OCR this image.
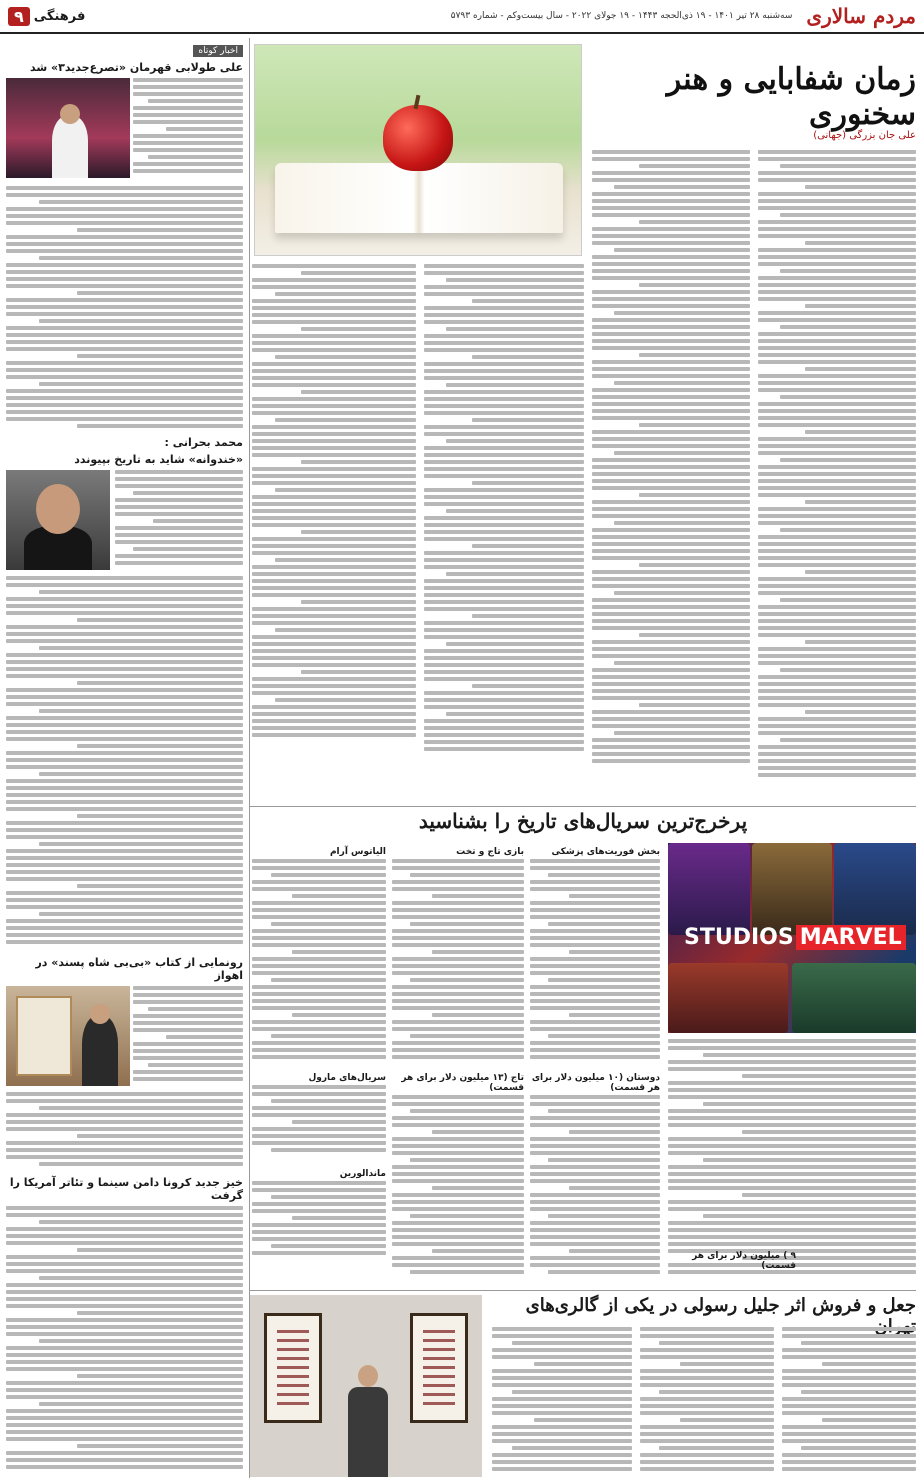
مردم سالاری
سه‌شنبه ۲۸ تیر ۱۴۰۱ - ۱۹ ذی‌الحجه ۱۴۴۳ - ۱۹ جولای ۲۰۲۲ - سال بیست‌وکم - شماره ۵۷۹۳
فرهنگی
۹
زمان شفابایی و هنر سخنوری
علی جان بزرگی (جهانی)
اخبار کوتاه
علی طولابی قهرمان «تصرع‌جدید۳» شد
محمد بحرانی :
«خندوانه» شاید به تاریخ بپیوندد
رونمایی از کتاب «بی‌بی شاه پسند» در اهواز
خیز جدید کرونا دامن سینما و تئاتر آمریکا را گرفت
پرخرج‌ترین سریال‌های تاریخ را بشناسید
MARVEL
STUDIOS
بخش فوریت‌های پزشکی
دوستان (۱۰ میلیون دلار برای هر قسمت)
بازی تاج و تخت
تاج (۱۳ میلیون دلار برای هر قسمت)
الیاتوس آرام
سریال‌های مارول
ماندالورین
۹ ) میلیون دلار برای هر قسمت)
جعل و فروش اثر جلیل رسولی در یکی از گالری‌های
